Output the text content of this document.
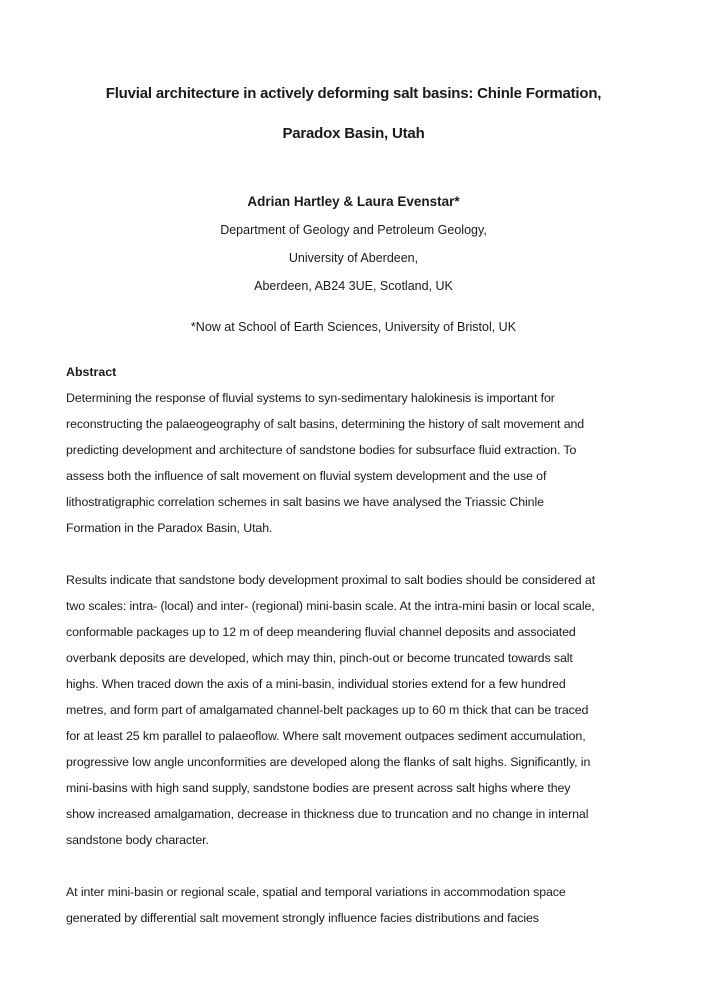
Fluvial architecture in actively deforming salt basins: Chinle Formation,
Paradox Basin, Utah
Adrian Hartley & Laura Evenstar*
Department of Geology and Petroleum Geology,
University of Aberdeen,
Aberdeen, AB24 3UE, Scotland, UK
*Now at School of Earth Sciences, University of Bristol, UK
Abstract
Determining the response of fluvial systems to syn-sedimentary halokinesis is important for
reconstructing the palaeogeography of salt basins, determining the history of salt movement and
predicting development and architecture of sandstone bodies for subsurface fluid extraction. To
assess both the influence of salt movement on fluvial system development and the use of
lithostratigraphic correlation schemes in salt basins we have analysed the Triassic Chinle
Formation in the Paradox Basin, Utah.
Results indicate that sandstone body development proximal to salt bodies should be considered at
two scales: intra- (local) and inter- (regional) mini-basin scale. At the intra-mini basin or local scale,
conformable packages up to 12 m of deep meandering fluvial channel deposits and associated
overbank deposits are developed, which may thin, pinch-out or become truncated towards salt
highs. When traced down the axis of a mini-basin, individual stories extend for a few hundred
metres, and form part of amalgamated channel-belt packages up to 60 m thick that can be traced
for at least 25 km parallel to palaeoflow. Where salt movement outpaces sediment accumulation,
progressive low angle unconformities are developed along the flanks of salt highs. Significantly, in
mini-basins with high sand supply, sandstone bodies are present across salt highs where they
show increased amalgamation, decrease in thickness due to truncation and no change in internal
sandstone body character.
At inter mini-basin or regional scale, spatial and temporal variations in accommodation space
generated by differential salt movement strongly influence facies distributions and facies
